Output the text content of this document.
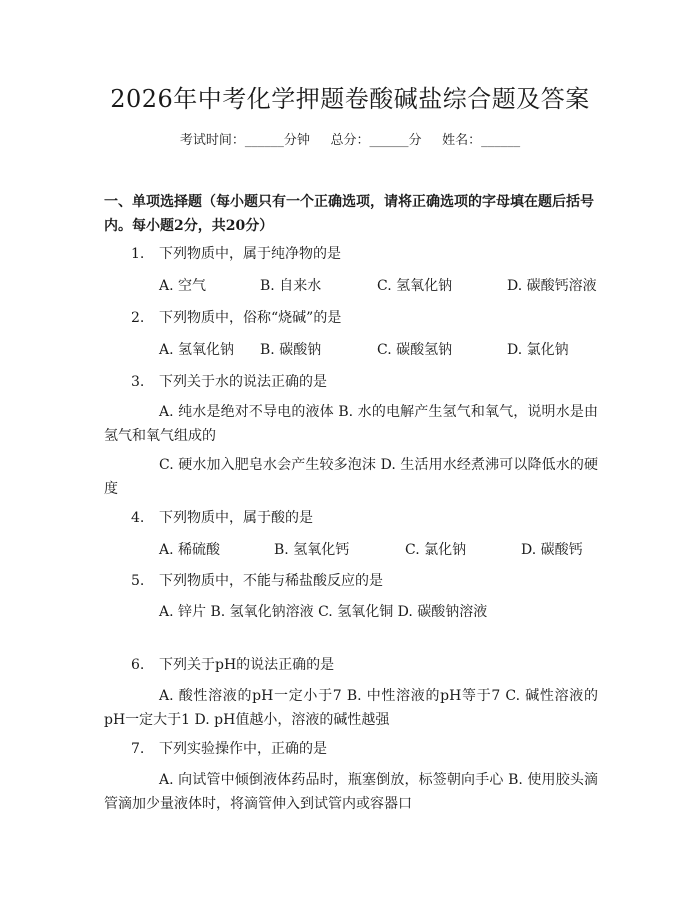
2026年中考化学押题卷酸碱盐综合题及答案
考试时间：______分钟     总分：______分     姓名：______
一、单项选择题（每小题只有一个正确选项，请将正确选项的字母填在题后括号内。每小题2分，共20分）
1. 下列物质中，属于纯净物的是
A. 空气	B. 自来水	C. 氢氧化钠	D. 碳酸钙溶液
2. 下列物质中，俗称“烧碱”的是
A. 氢氧化钠 B. 碳酸钠	C. 碳酸氢钠	D. 氯化钠
3. 下列关于水的说法正确的是
A. 纯水是绝对不导电的液体 B. 水的电解产生氢气和氧气，说明水是由氢气和氧气组成的
C. 硬水加入肥皂水会产生较多泡沫 D. 生活用水经煮沸可以降低水的硬度
4. 下列物质中，属于酸的是
A. 稀硫酸	B. 氢氧化钙	C. 氯化钠	D. 碳酸钙
5. 下列物质中，不能与稀盐酸反应的是
A. 锌片 B. 氢氧化钠溶液 C. 氢氧化铜 D. 碳酸钠溶液
6. 下列关于pH的说法正确的是
A. 酸性溶液的pH一定小于7 B. 中性溶液的pH等于7 C. 碱性溶液的pH一定大于1 D. pH值越小，溶液的碱性越强
7. 下列实验操作中，正确的是
A. 向试管中倾倒液体药品时，瓶塞倒放，标签朝向手心 B. 使用胶头滴管滴加少量液体时，将滴管伸入到试管内或容器口
